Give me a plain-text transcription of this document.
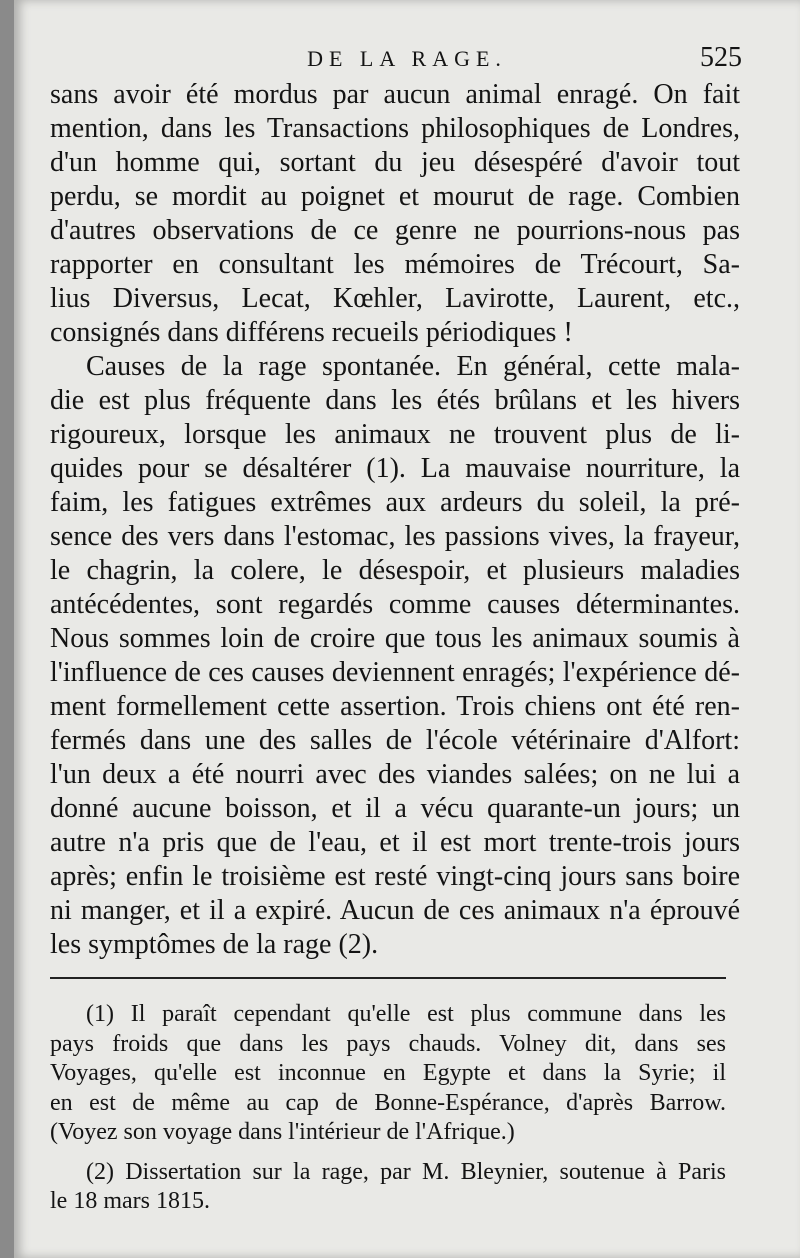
DE LA RAGE.	525
sans avoir été mordus par aucun animal enragé. On fait
mention, dans les Transactions philosophiques de Londres,
d'un homme qui, sortant du jeu désespéré d'avoir tout
perdu, se mordit au poignet et mourut de rage. Combien
d'autres observations de ce genre ne pourrions-nous pas
rapporter en consultant les mémoires de Trécourt, Sa-
lius Diversus, Lecat, Kœhler, Lavirotte, Laurent, etc.,
consignés dans différens recueils périodiques !
Causes de la rage spontanée. En général, cette mala-
die est plus fréquente dans les étés brûlans et les hivers
rigoureux, lorsque les animaux ne trouvent plus de li-
quides pour se désaltérer (1). La mauvaise nourriture, la
faim, les fatigues extrêmes aux ardeurs du soleil, la pré-
sence des vers dans l'estomac, les passions vives, la frayeur,
le chagrin, la colere, le désespoir, et plusieurs maladies
antécédentes, sont regardés comme causes déterminantes.
Nous sommes loin de croire que tous les animaux soumis à
l'influence de ces causes deviennent enragés; l'expérience dé-
ment formellement cette assertion. Trois chiens ont été ren-
fermés dans une des salles de l'école vétérinaire d'Alfort:
l'un deux a été nourri avec des viandes salées; on ne lui a
donné aucune boisson, et il a vécu quarante-un jours; un
autre n'a pris que de l'eau, et il est mort trente-trois jours
après; enfin le troisième est resté vingt-cinq jours sans boire
ni manger, et il a expiré. Aucun de ces animaux n'a éprouvé
les symptômes de la rage (2).
(1) Il paraît cependant qu'elle est plus commune dans les
pays froids que dans les pays chauds. Volney dit, dans ses
Voyages, qu'elle est inconnue en Egypte et dans la Syrie; il
en est de même au cap de Bonne-Espérance, d'après Barrow.
(Voyez son voyage dans l'intérieur de l'Afrique.)
(2) Dissertation sur la rage, par M. Bleynier, soutenue à Paris
le 18 mars 1815.
